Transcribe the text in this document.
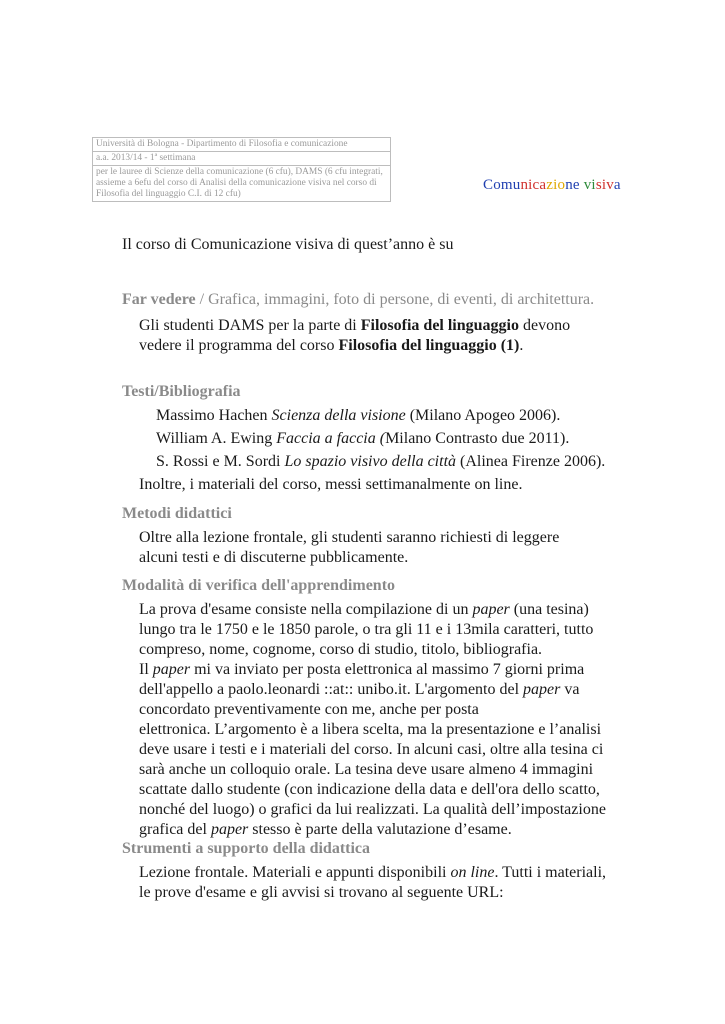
Università di Bologna - Dipartimento di Filosofia e comunicazione
a.a. 2013/14 - 1ª settimana
per le lauree di Scienze della comunicazione (6 cfu), DAMS (6 cfu integrati, assieme a 6efu del corso di Analisi della comunicazione visiva nel corso di Filosofia del linguaggio C.I. di 12 cfu)
Comunicazione visiva
Il corso di Comunicazione visiva di quest’anno è su
Far vedere / Grafica, immagini, foto di persone, di eventi, di architettura.
Gli studenti DAMS per la parte di Filosofia del linguaggio devono
vedere il programma del corso Filosofia del linguaggio (1).
Testi/Bibliografia
Massimo Hachen Scienza della visione (Milano Apogeo 2006).
William A. Ewing Faccia a faccia (Milano Contrasto due 2011).
S. Rossi e M. Sordi Lo spazio visivo della città (Alinea Firenze 2006).
Inoltre, i materiali del corso, messi settimanalmente on line.
Metodi didattici
Oltre alla lezione frontale, gli studenti saranno richiesti di leggere
alcuni testi e di discuterne pubblicamente.
Modalità di verifica dell'apprendimento
La prova d'esame consiste nella compilazione di un paper (una tesina)
lungo tra le 1750 e le 1850 parole, o tra gli 11 e i 13mila caratteri, tutto
compreso, nome, cognome, corso di studio, titolo, bibliografia.
Il paper mi va inviato per posta elettronica al massimo 7 giorni prima
dell'appello a paolo.leonardi ::at:: unibo.it. L'argomento del paper va
concordato preventivamente con me, anche per posta
elettronica. L’argomento è a libera scelta, ma la presentazione e l’analisi
deve usare i testi e i materiali del corso. In alcuni casi, oltre alla tesina ci
sarà anche un colloquio orale. La tesina deve usare almeno 4 immagini
scattate dallo studente (con indicazione della data e dell'ora dello scatto,
nonché del luogo) o grafici da lui realizzati. La qualità dell’impostazione
grafica del paper stesso è parte della valutazione d’esame.
Strumenti a supporto della didattica
Lezione frontale. Materiali e appunti disponibili on line. Tutti i materiali,
le prove d'esame e gli avvisi si trovano al seguente URL:
